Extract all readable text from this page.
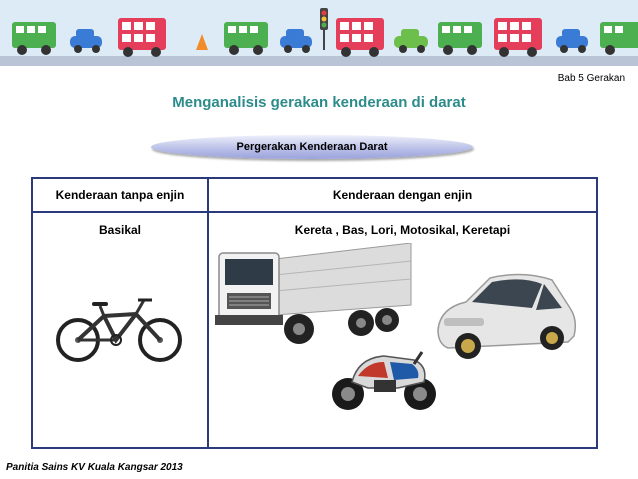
Bab 5 Gerakan
Menganalisis gerakan kenderaan di darat
Pergerakan Kenderaan Darat
Kenderaan tanpa enjin	Kenderaan dengan enjin
Basikal	Kereta , Bas, Lori, Motosikal, Keretapi
Panitia Sains KV Kuala Kangsar 2013
